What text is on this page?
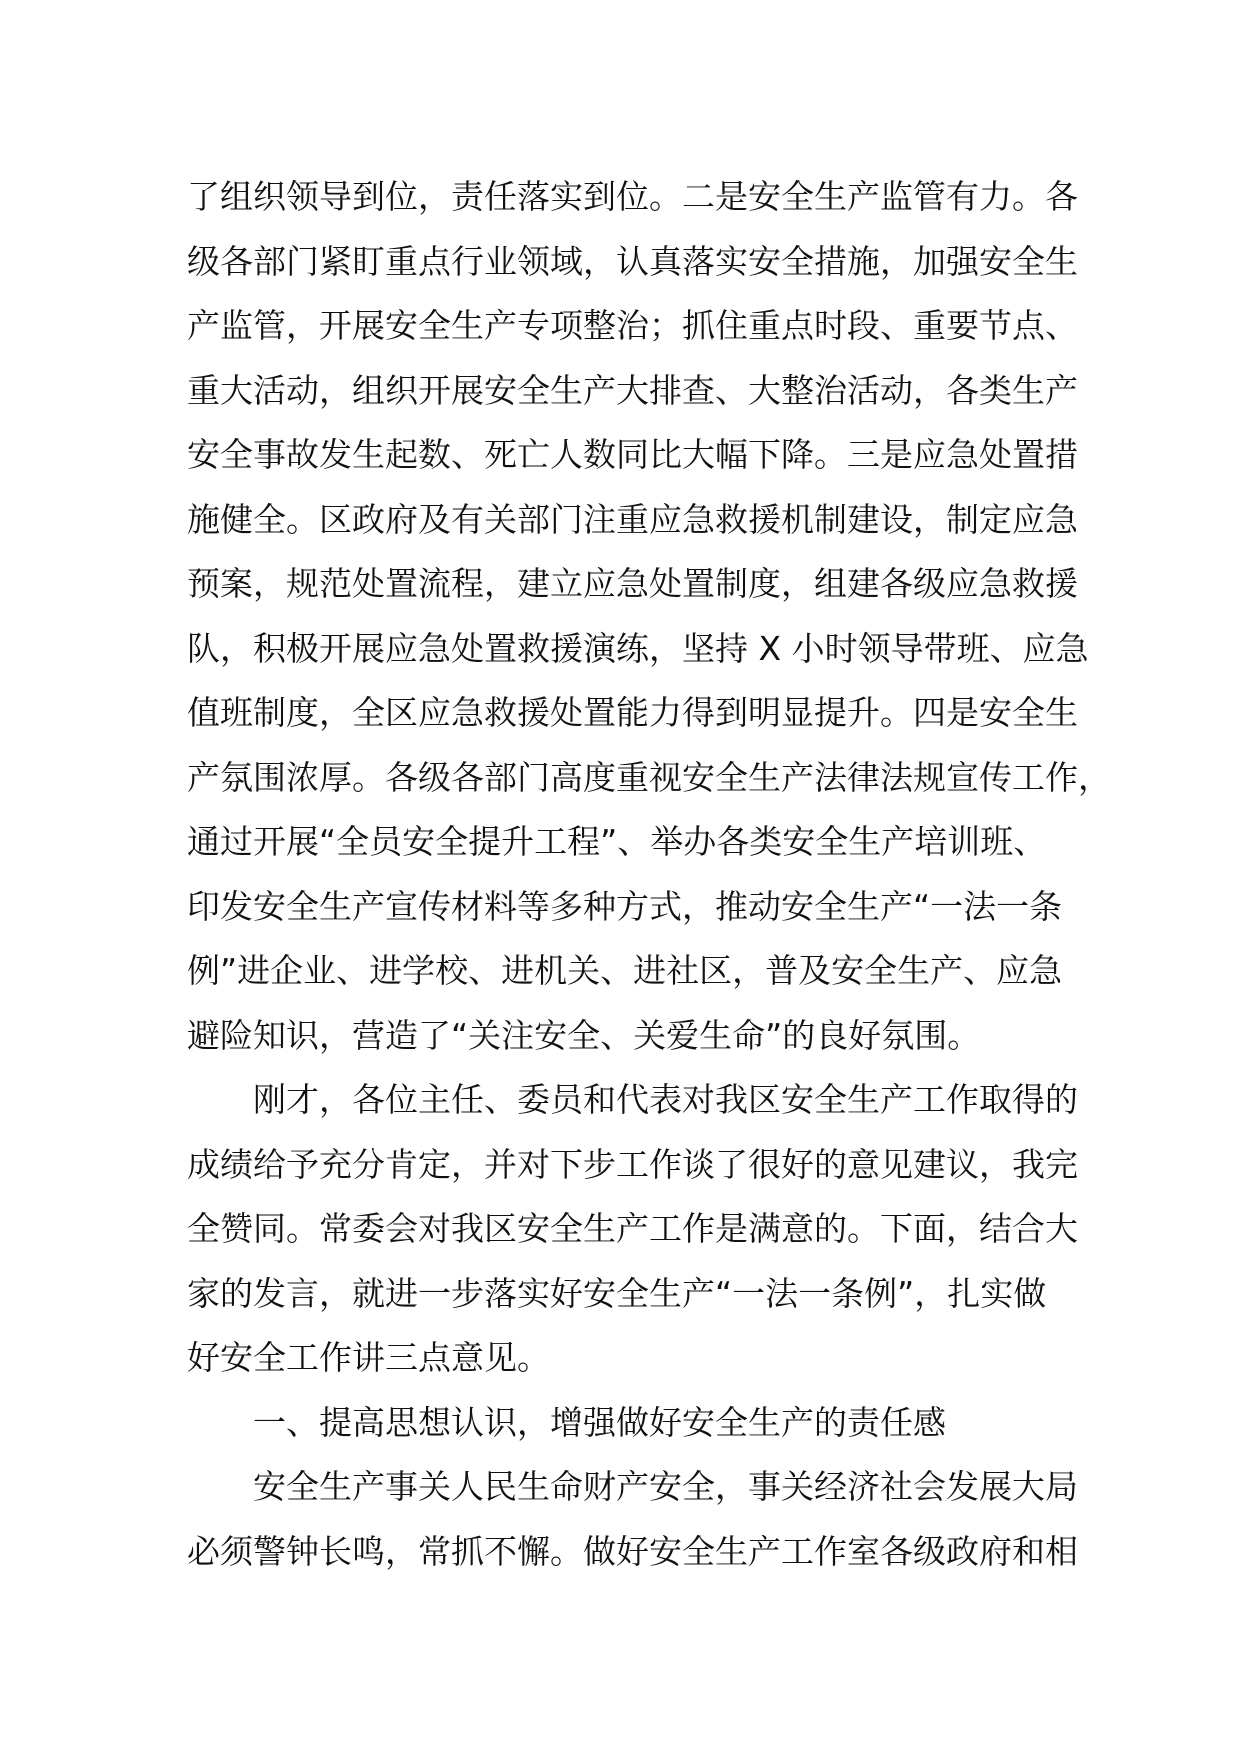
了组织领导到位，责任落实到位。二是安全生产监管有力。各
级各部门紧盯重点行业领域，认真落实安全措施，加强安全生
产监管，开展安全生产专项整治；抓住重点时段、重要节点、
重大活动，组织开展安全生产大排查、大整治活动，各类生产
安全事故发生起数、死亡人数同比大幅下降。三是应急处置措
施健全。区政府及有关部门注重应急救援机制建设，制定应急
预案，规范处置流程，建立应急处置制度，组建各级应急救援
队，积极开展应急处置救援演练，坚持 X 小时领导带班、应急
值班制度，全区应急救援处置能力得到明显提升。四是安全生
产氛围浓厚。各级各部门高度重视安全生产法律法规宣传工作，
通过开展“全员安全提升工程”、举办各类安全生产培训班、
印发安全生产宣传材料等多种方式，推动安全生产“一法一条
例”进企业、进学校、进机关、进社区，普及安全生产、应急
避险知识，营造了“关注安全、关爱生命”的良好氛围。
刚才，各位主任、委员和代表对我区安全生产工作取得的
成绩给予充分肯定，并对下步工作谈了很好的意见建议，我完
全赞同。常委会对我区安全生产工作是满意的。下面，结合大
家的发言，就进一步落实好安全生产“一法一条例”，扎实做
好安全工作讲三点意见。
一、提高思想认识，增强做好安全生产的责任感
安全生产事关人民生命财产安全，事关经济社会发展大局
必须警钟长鸣，常抓不懈。做好安全生产工作室各级政府和相
